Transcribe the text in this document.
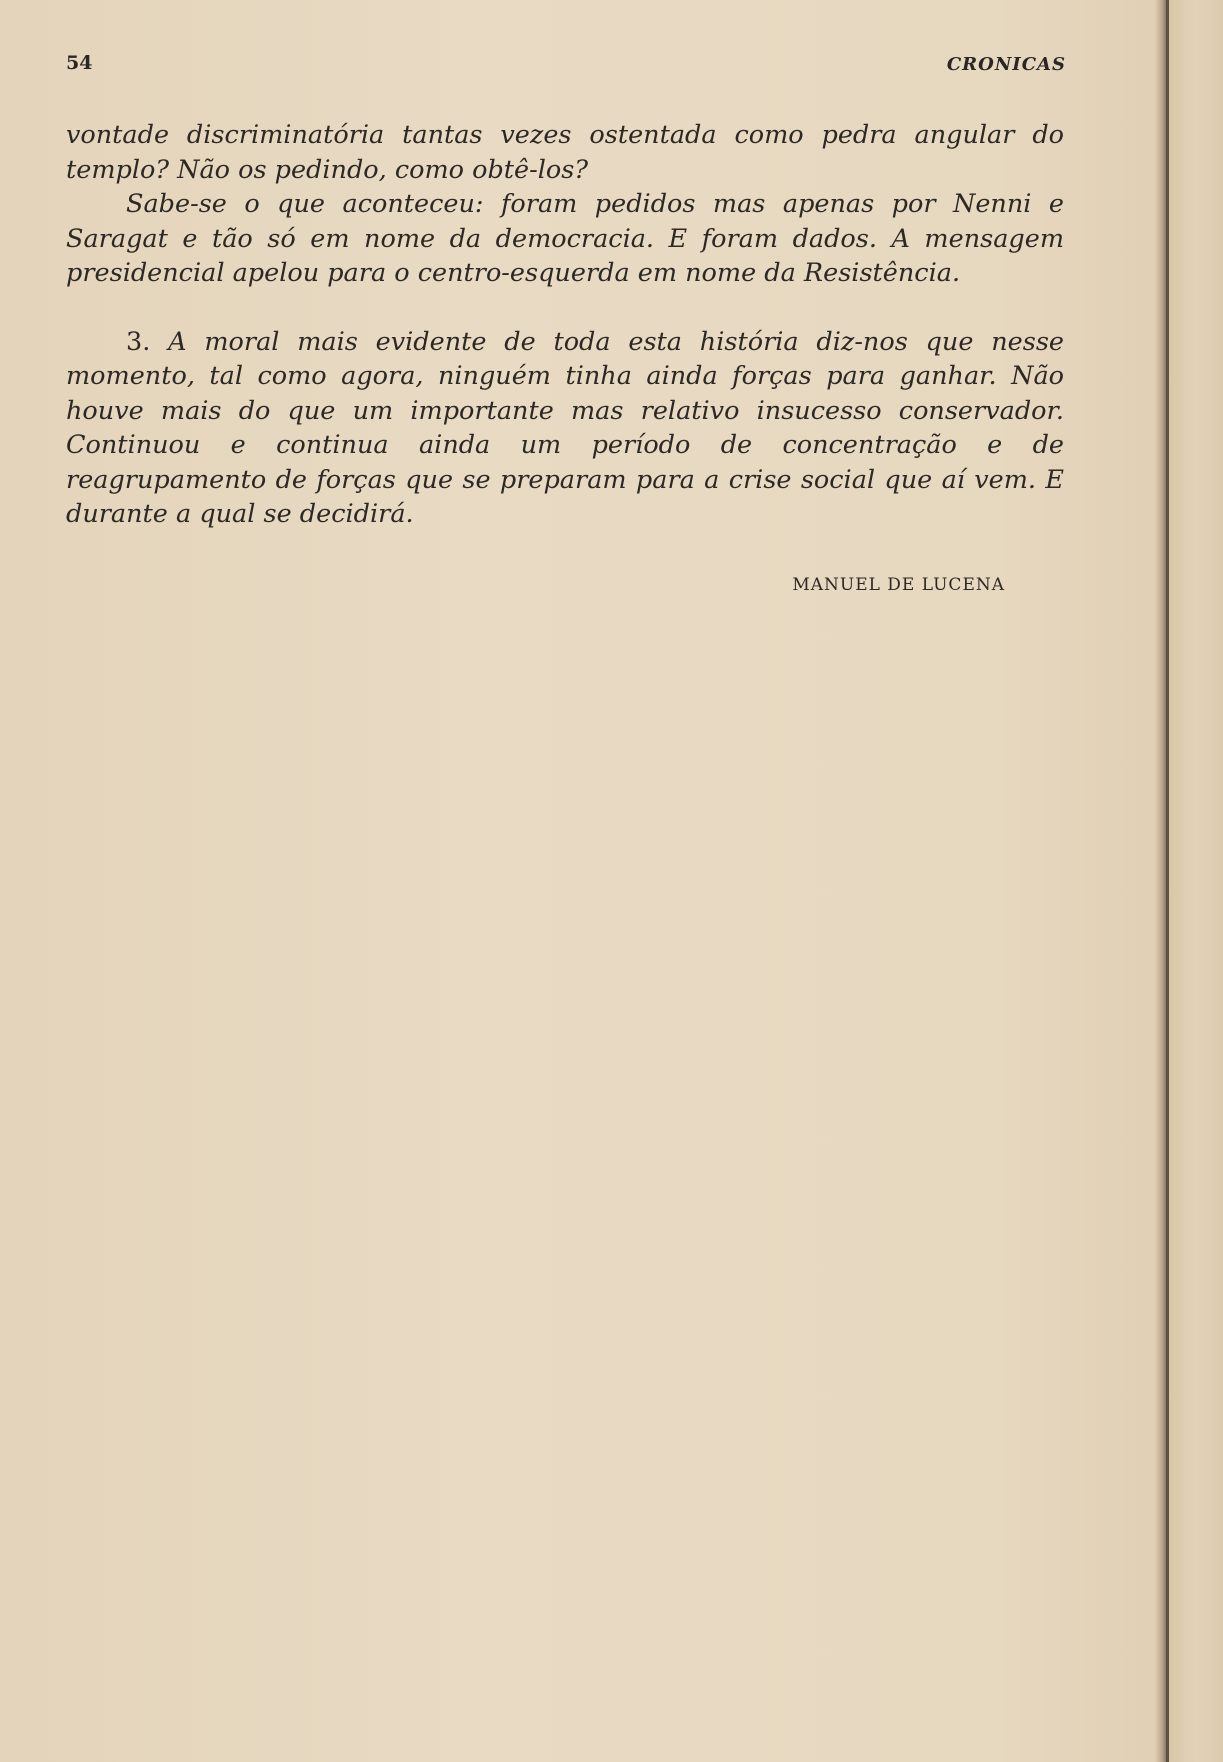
54	CRONICAS

vontade discriminatória tantas vezes ostentada como pedra angular do templo? Não os pedindo, como obtê-los?

Sabe-se o que aconteceu: foram pedidos mas apenas por Nenni e Saragat e tão só em nome da democracia. E foram dados. A mensagem presidencial apelou para o centro-esquerda em nome da Resistência.

3. A moral mais evidente de toda esta história diz-nos que nesse momento, tal como agora, ninguém tinha ainda forças para ganhar. Não houve mais do que um importante mas relativo insucesso conservador. Continuou e continua ainda um período de concentração e de reagrupamento de forças que se preparam para a crise social que aí vem. E durante a qual se decidirá.

MANUEL DE LUCENA
